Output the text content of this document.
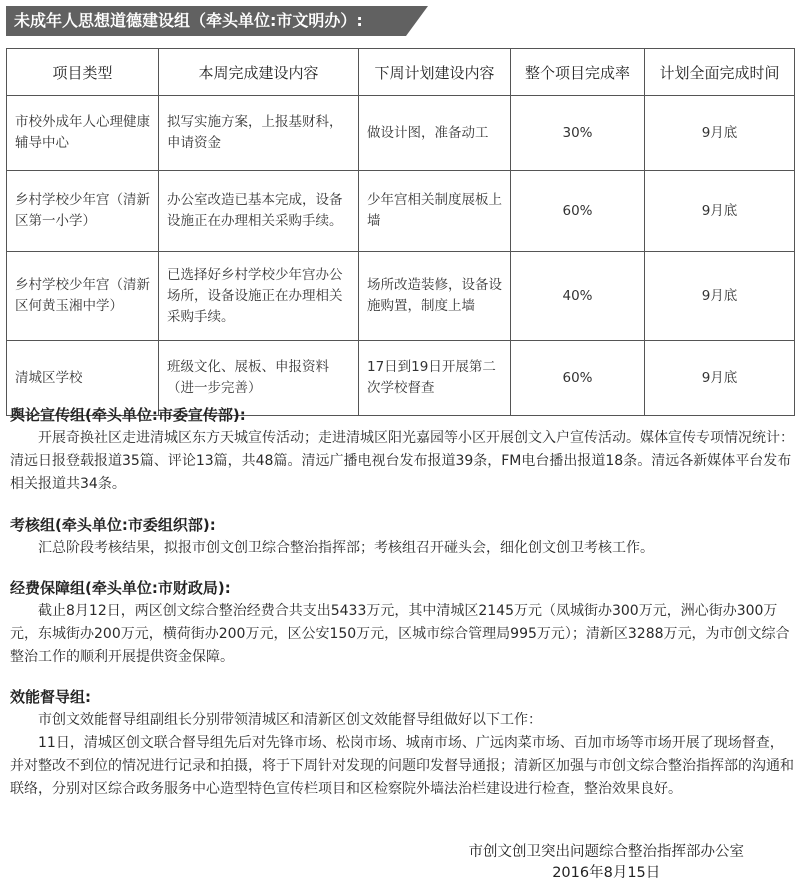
未成年人思想道德建设组（牵头单位:市文明办）:
项目类型	本周完成建设内容	下周计划建设内容	整个项目完成率	计划全面完成时间
市校外成年人心理健康辅导中心	拟写实施方案，上报基财科，申请资金	做设计图，准备动工	30%	9月底
乡村学校少年宫（清新区第一小学）	办公室改造已基本完成，设备设施正在办理相关采购手续。	少年宫相关制度展板上墙	60%	9月底
乡村学校少年宫（清新区何黄玉湘中学）	已选择好乡村学校少年宫办公场所，设备设施正在办理相关采购手续。	场所改造装修，设备设施购置，制度上墙	40%	9月底
清城区学校	班级文化、展板、申报资料（进一步完善）	17日到19日开展第二次学校督查	60%	9月底
舆论宣传组(牵头单位:市委宣传部):

开展奇换社区走进清城区东方天城宣传活动；走进清城区阳光嘉园等小区开展创文入户宣传活动。媒体宣传专项情况统计：清远日报登载报道35篇、评论13篇，共48篇。清远广播电视台发布报道39条，FM电台播出报道18条。清远各新媒体平台发布相关报道共34条。

考核组(牵头单位:市委组织部):

汇总阶段考核结果，拟报市创文创卫综合整治指挥部；考核组召开碰头会，细化创文创卫考核工作。

经费保障组(牵头单位:市财政局):

截止8月12日，两区创文综合整治经费合共支出5433万元，其中清城区2145万元（凤城街办300万元，洲心街办300万元，东城街办200万元，横荷街办200万元，区公安150万元，区城市综合管理局995万元）；清新区3288万元，为市创文综合整治工作的顺利开展提供资金保障。

效能督导组:

市创文效能督导组副组长分别带领清城区和清新区创文效能督导组做好以下工作：

11日，清城区创文联合督导组先后对先锋市场、松岗市场、城南市场、广远肉菜市场、百加市场等市场开展了现场督查，并对整改不到位的情况进行记录和拍摄，将于下周针对发现的问题印发督导通报；清新区加强与市创文综合整治指挥部的沟通和联络，分别对区综合政务服务中心造型特色宣传栏项目和区检察院外墙法治栏建设进行检查，整治效果良好。

市创文创卫突出问题综合整治指挥部办公室
2016年8月15日
